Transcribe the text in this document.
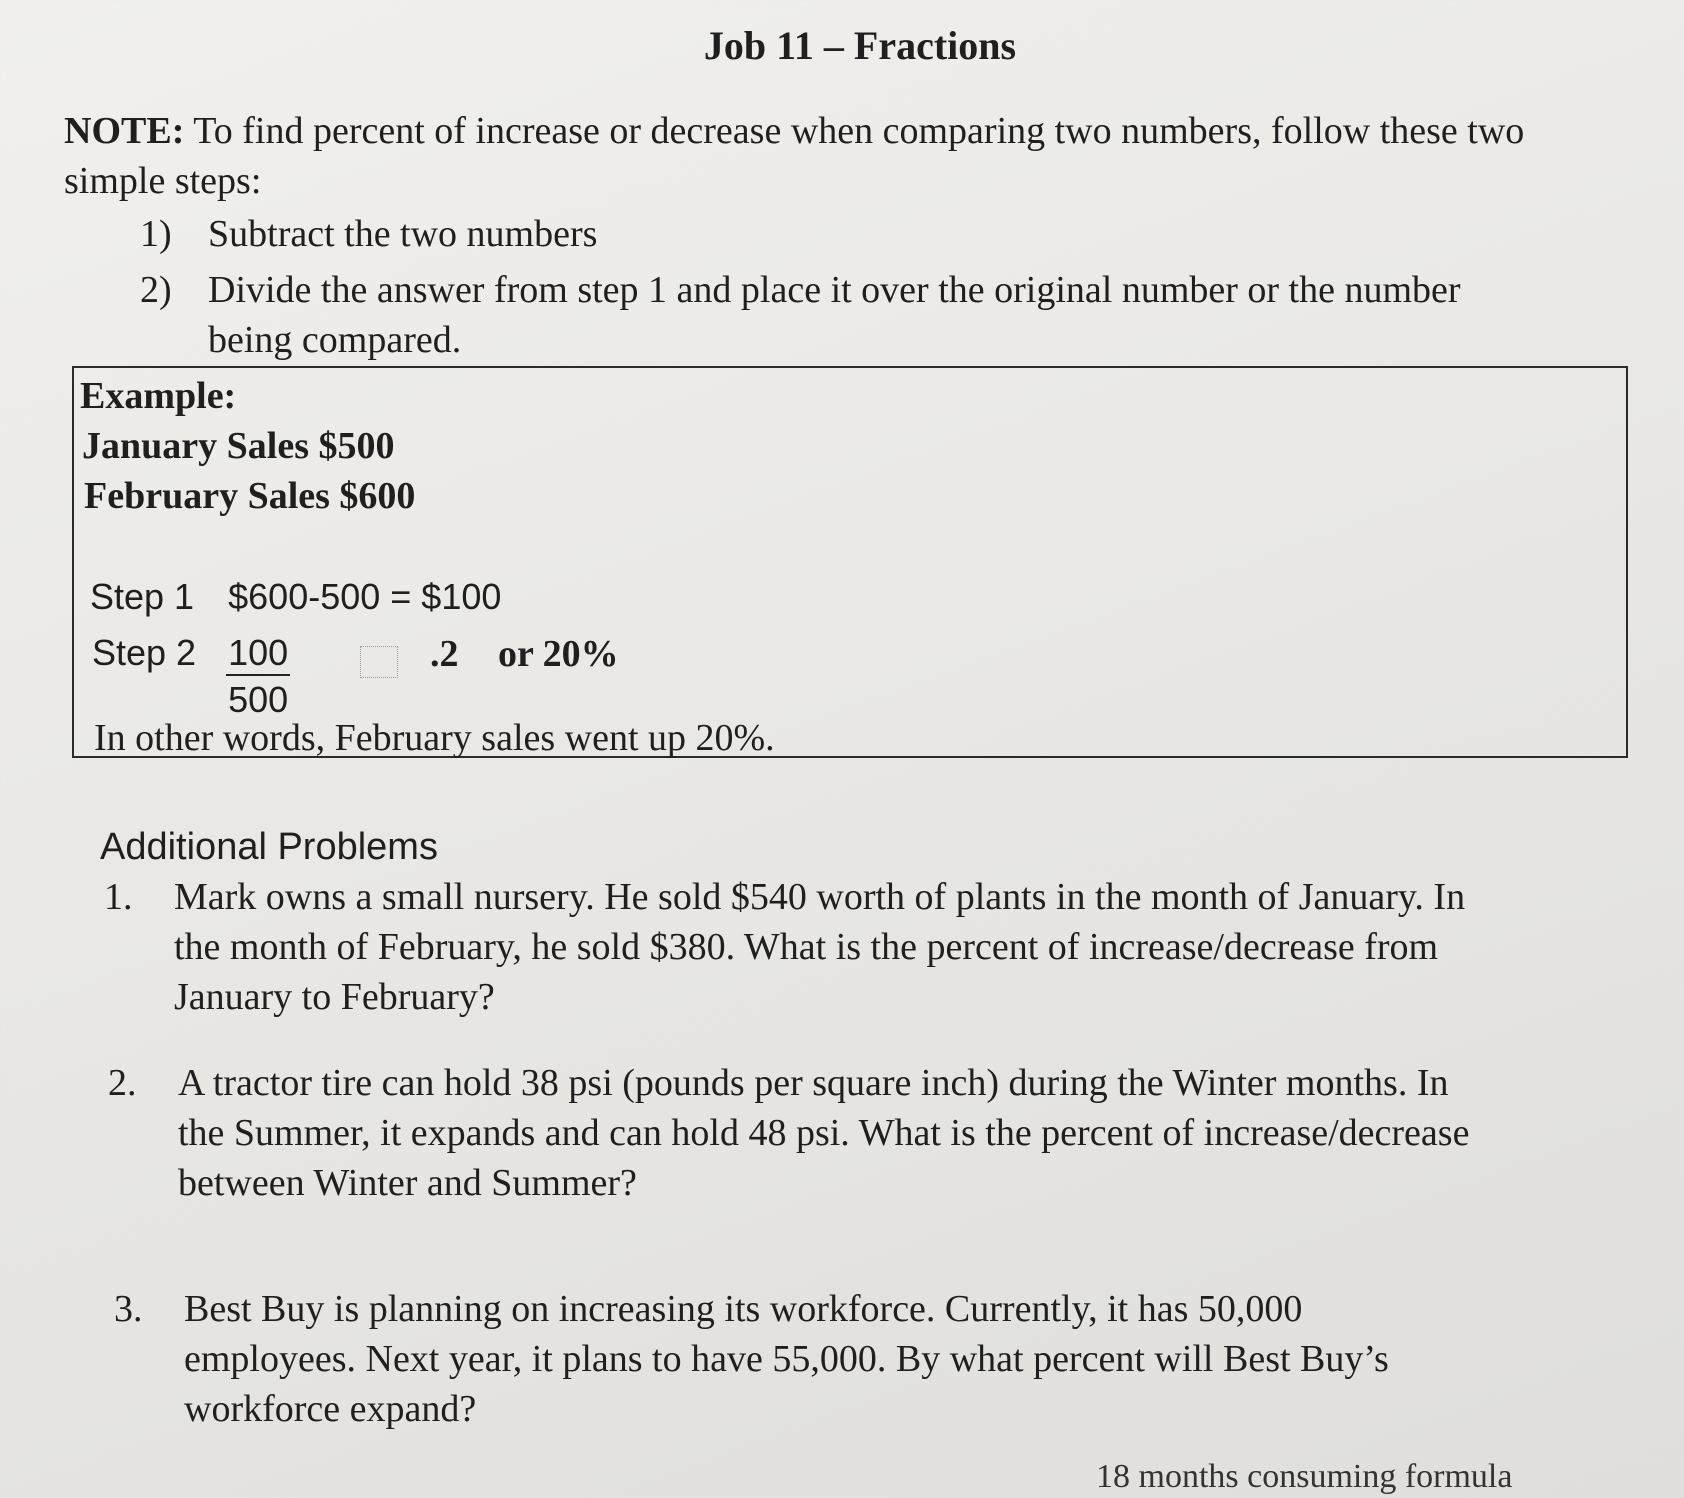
Job 11 – Fractions
NOTE: To find percent of increase or decrease when comparing two numbers, follow these two simple steps:
1) Subtract the two numbers
2) Divide the answer from step 1 and place it over the original number or the number
being compared.
Example:
January Sales $500
February Sales $600
Step 1 $600-500 = $100
Step $2 \frac{100}{500}$	.2 or 20%
In other words, February sales went up 20%.
Additional Problems
1. Mark owns a small nursery. He sold $540 worth of plants in the month of January. In
the month of February, he sold $380. What is the percent of increase/decrease from
January to February?
2. A tractor tire can hold 38 psi (pounds per square inch) during the Winter months. In
the Summer, it expands and can hold 48 psi. What is the percent of increase/decrease
between Winter and Summer?
3. Best Buy is planning on increasing its workforce. Currently, it has 50,000
employees. Next year, it plans to have 55,000. By what percent will Best Buy’s
workforce expand?
18 months consuming formula
